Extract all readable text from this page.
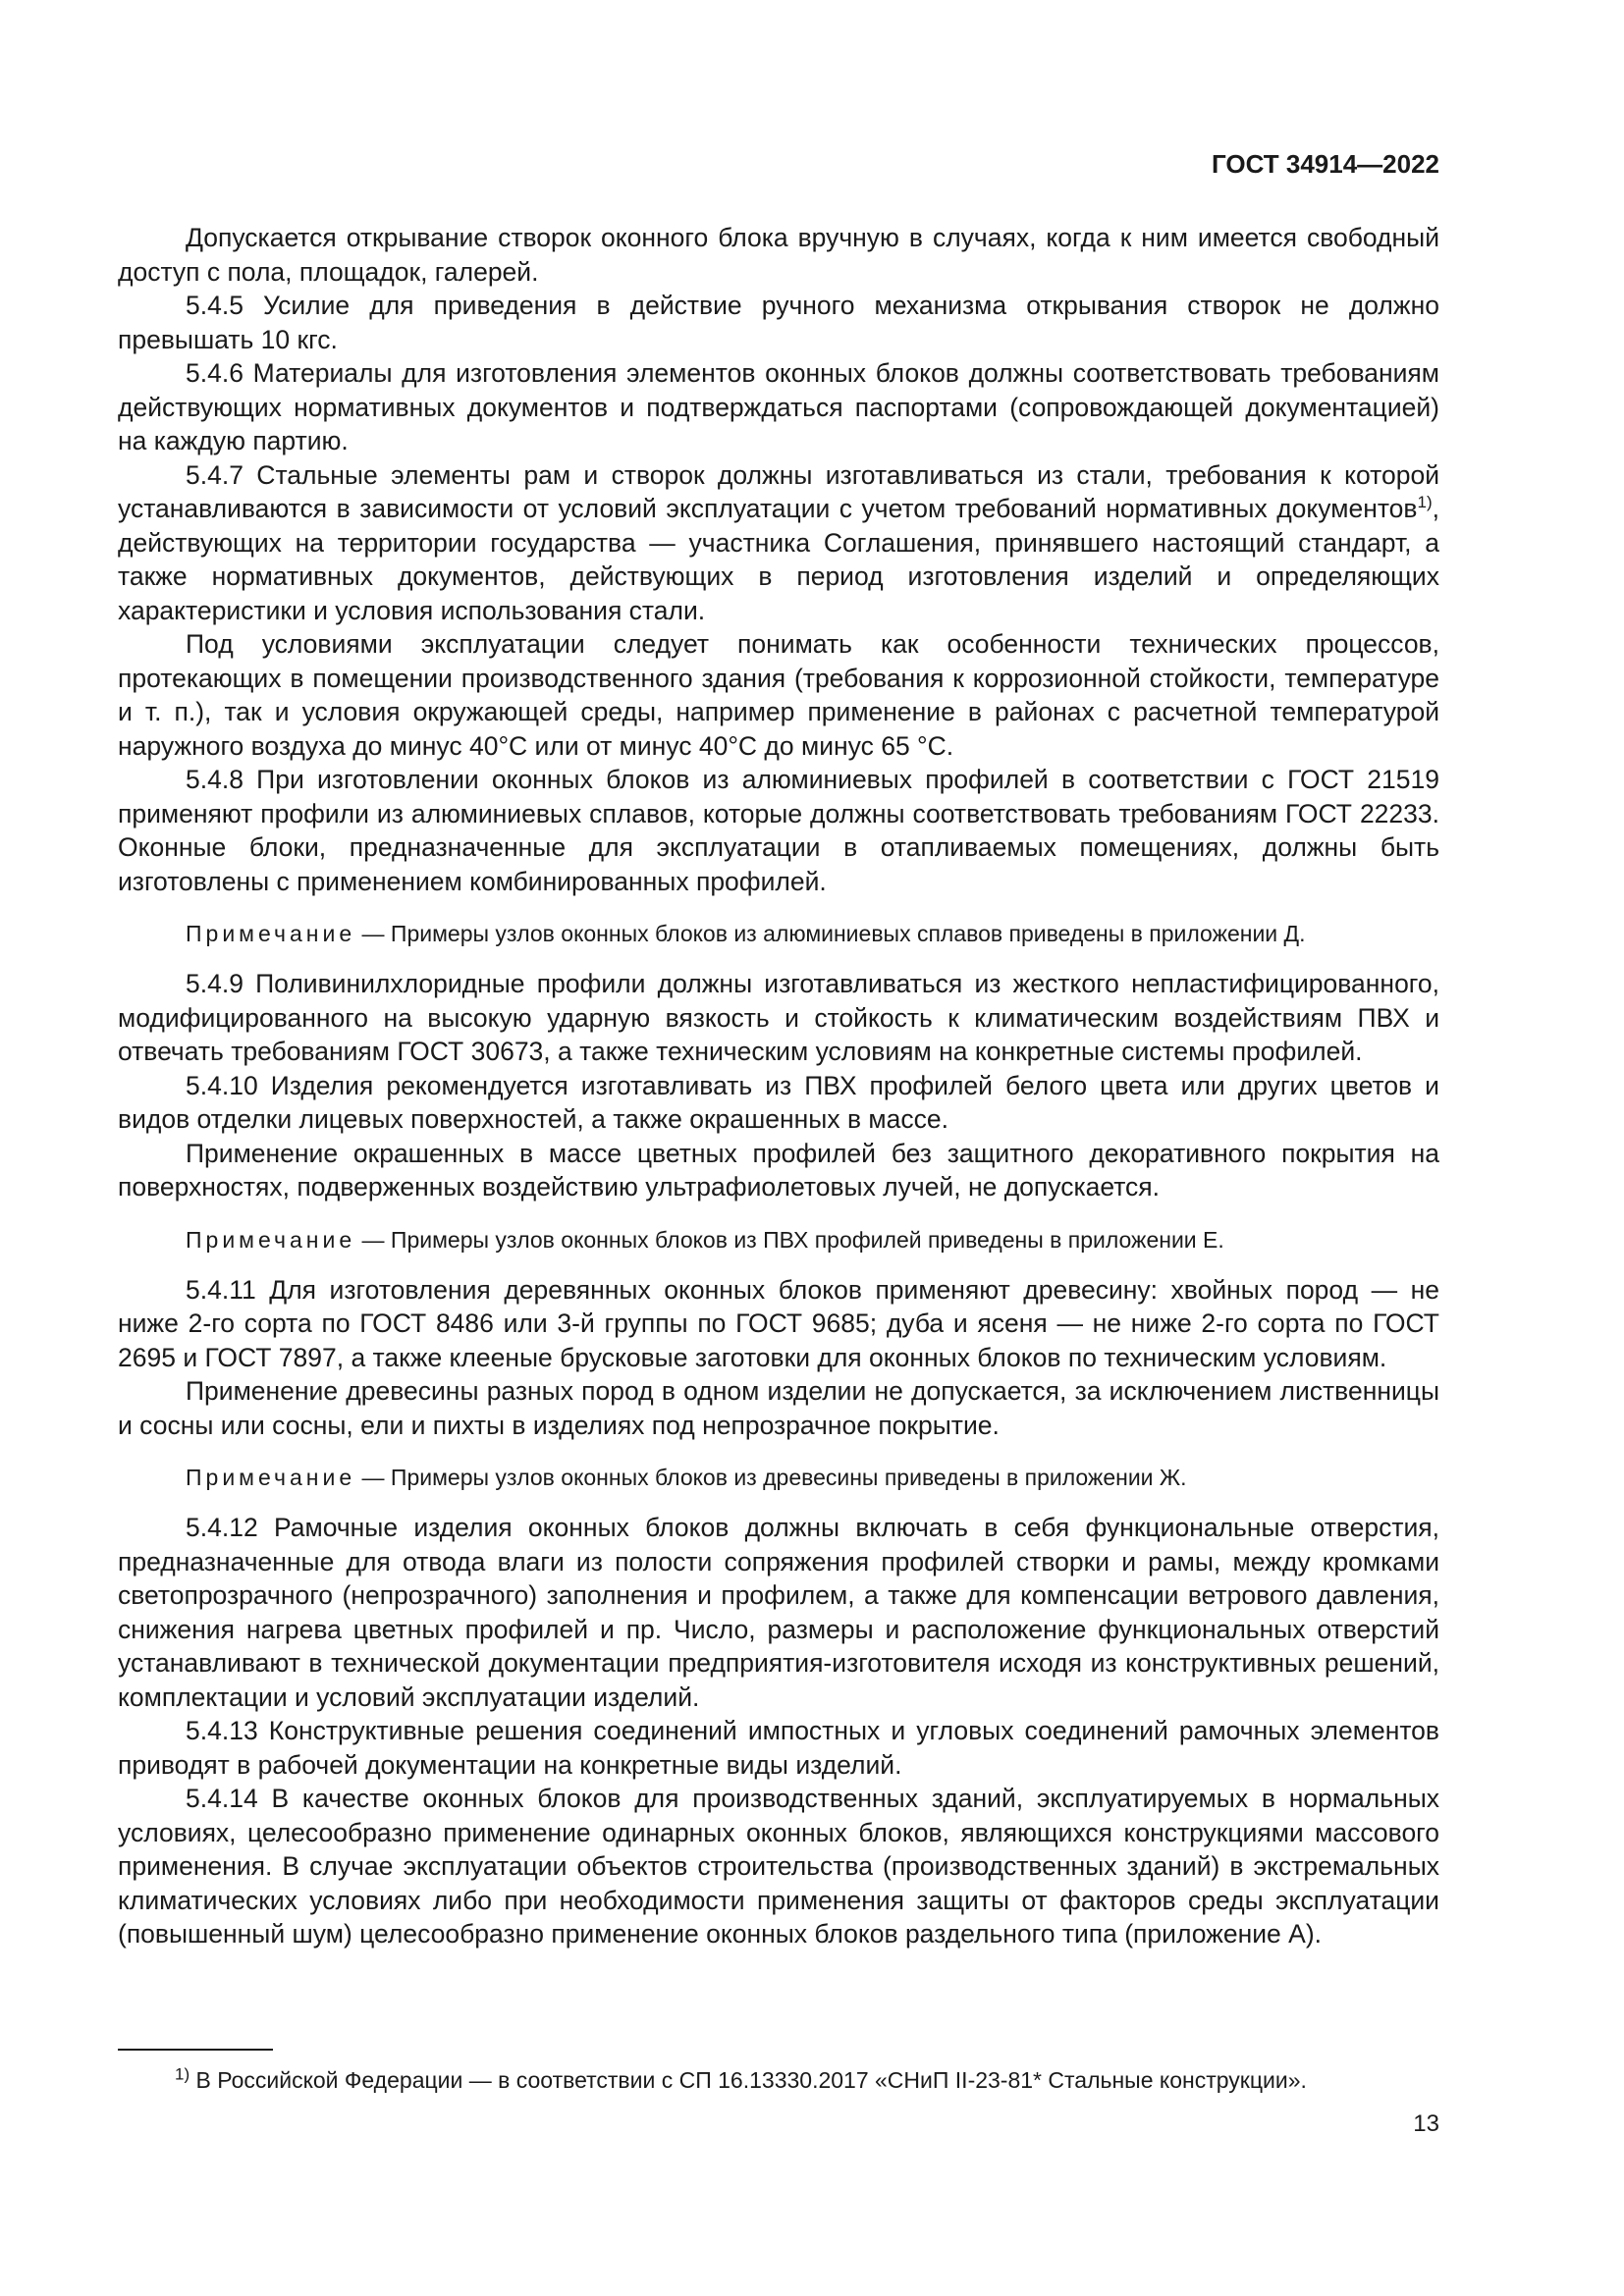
ГОСТ 34914—2022

Допускается открывание створок оконного блока вручную в случаях, когда к ним имеется свободный доступ с пола, площадок, галерей.

5.4.5 Усилие для приведения в действие ручного механизма открывания створок не должно превышать 10 кгс.

5.4.6 Материалы для изготовления элементов оконных блоков должны соответствовать требованиям действующих нормативных документов и подтверждаться паспортами (сопровождающей документацией) на каждую партию.

5.4.7 Стальные элементы рам и створок должны изготавливаться из стали, требования к которой устанавливаются в зависимости от условий эксплуатации с учетом требований нормативных документов$^{1)}$, действующих на территории государства — участника Соглашения, принявшего настоящий стандарт, а также нормативных документов, действующих в период изготовления изделий и определяющих характеристики и условия использования стали.

Под условиями эксплуатации следует понимать как особенности технических процессов, протекающих в помещении производственного здания (требования к коррозионной стойкости, температуре и т. п.), так и условия окружающей среды, например применение в районах с расчетной температурой наружного воздуха до минус 40°С или от минус 40°С до минус 65 °С.

5.4.8 При изготовлении оконных блоков из алюминиевых профилей в соответствии с ГОСТ 21519 применяют профили из алюминиевых сплавов, которые должны соответствовать требованиям ГОСТ 22233. Оконные блоки, предназначенные для эксплуатации в отапливаемых помещениях, должны быть изготовлены с применением комбинированных профилей.

Примечание — Примеры узлов оконных блоков из алюминиевых сплавов приведены в приложении Д.

5.4.9 Поливинилхлоридные профили должны изготавливаться из жесткого непластифицированного, модифицированного на высокую ударную вязкость и стойкость к климатическим воздействиям ПВХ и отвечать требованиям ГОСТ 30673, а также техническим условиям на конкретные системы профилей.

5.4.10 Изделия рекомендуется изготавливать из ПВХ профилей белого цвета или других цветов и видов отделки лицевых поверхностей, а также окрашенных в массе.

Применение окрашенных в массе цветных профилей без защитного декоративного покрытия на поверхностях, подверженных воздействию ультрафиолетовых лучей, не допускается.

Примечание — Примеры узлов оконных блоков из ПВХ профилей приведены в приложении Е.

5.4.11 Для изготовления деревянных оконных блоков применяют древесину: хвойных пород — не ниже 2-го сорта по ГОСТ 8486 или 3-й группы по ГОСТ 9685; дуба и ясеня — не ниже 2-го сорта по ГОСТ 2695 и ГОСТ 7897, а также клееные брусковые заготовки для оконных блоков по техническим условиям.

Применение древесины разных пород в одном изделии не допускается, за исключением лиственницы и сосны или сосны, ели и пихты в изделиях под непрозрачное покрытие.

Примечание — Примеры узлов оконных блоков из древесины приведены в приложении Ж.

5.4.12 Рамочные изделия оконных блоков должны включать в себя функциональные отверстия, предназначенные для отвода влаги из полости сопряжения профилей створки и рамы, между кромками светопрозрачного (непрозрачного) заполнения и профилем, а также для компенсации ветрового давления, снижения нагрева цветных профилей и пр. Число, размеры и расположение функциональных отверстий устанавливают в технической документации предприятия-изготовителя исходя из конструктивных решений, комплектации и условий эксплуатации изделий.

5.4.13 Конструктивные решения соединений импостных и угловых соединений рамочных элементов приводят в рабочей документации на конкретные виды изделий.

5.4.14 В качестве оконных блоков для производственных зданий, эксплуатируемых в нормальных условиях, целесообразно применение одинарных оконных блоков, являющихся конструкциями массового применения. В случае эксплуатации объектов строительства (производственных зданий) в экстремальных климатических условиях либо при необходимости применения защиты от факторов среды эксплуатации (повышенный шум) целесообразно применение оконных блоков раздельного типа (приложение А).

$^{1)}$ В Российской Федерации — в соответствии с СП 16.13330.2017 «СНиП II-23-81* Стальные конструкции».
13
